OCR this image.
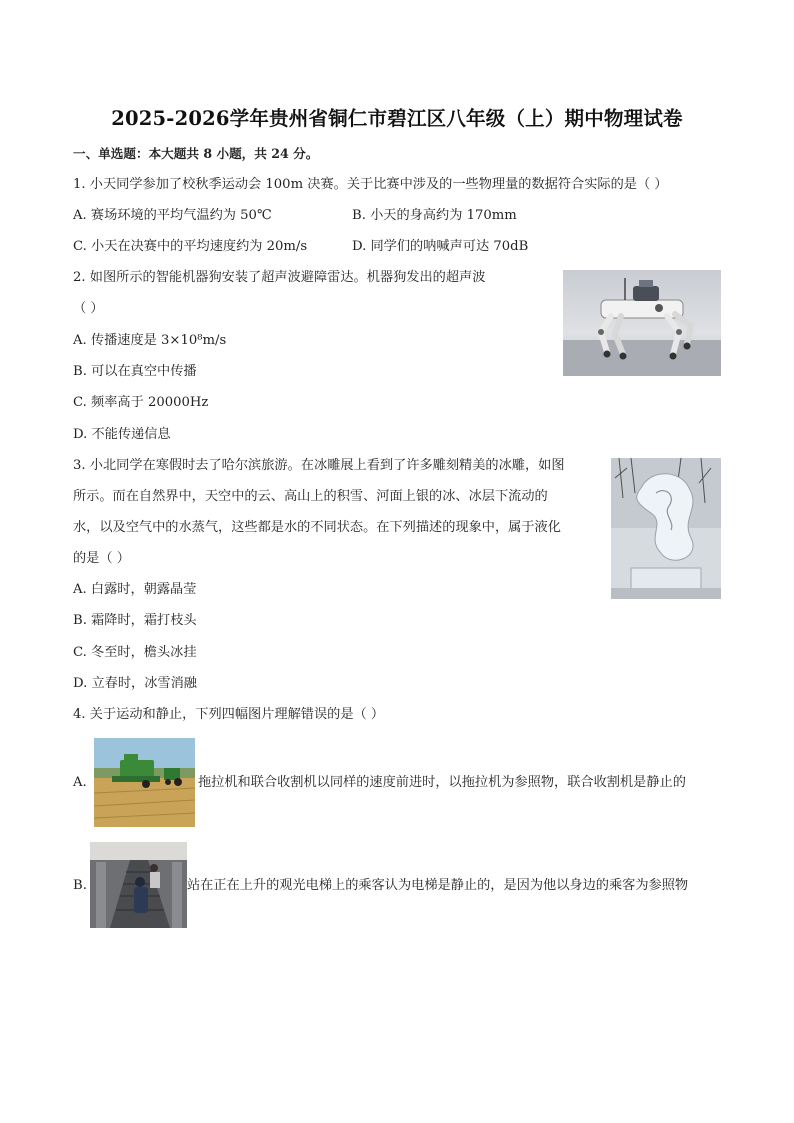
2025-2026学年贵州省铜仁市碧江区八年级（上）期中物理试卷
一、单选题：本大题共 8 小题，共 24 分。
1. 小天同学参加了校秋季运动会 100m 决赛。关于比赛中涉及的一些物理量的数据符合实际的是（ ）
A. 赛场环境的平均气温约为 50℃	B. 小天的身高约为 170mm
C. 小天在决赛中的平均速度约为 20m/s	D. 同学们的呐喊声可达 70dB
2. 如图所示的智能机器狗安装了超声波避障雷达。机器狗发出的超声波
（ ）
A. 传播速度是 3×10⁸m/s
B. 可以在真空中传播
C. 频率高于 20000Hz
D. 不能传递信息
3. 小北同学在寒假时去了哈尔滨旅游。在冰雕展上看到了许多雕刻精美的冰雕，如图
所示。而在自然界中，天空中的云、高山上的积雪、河面上银的冰、冰层下流动的
水，以及空气中的水蒸气，这些都是水的不同状态。在下列描述的现象中，属于液化
的是（ ）
A. 白露时，朝露晶莹
B. 霜降时，霜打枝头
C. 冬至时，檐头冰挂
D. 立春时，冰雪消融
4. 关于运动和静止，下列四幅图片理解错误的是（ ）
A.	拖拉机和联合收割机以同样的速度前进时，以拖拉机为参照物，联合收割机是静止的
B.	站在正在上升的观光电梯上的乘客认为电梯是静止的，是因为他以身边的乘客为参照物
